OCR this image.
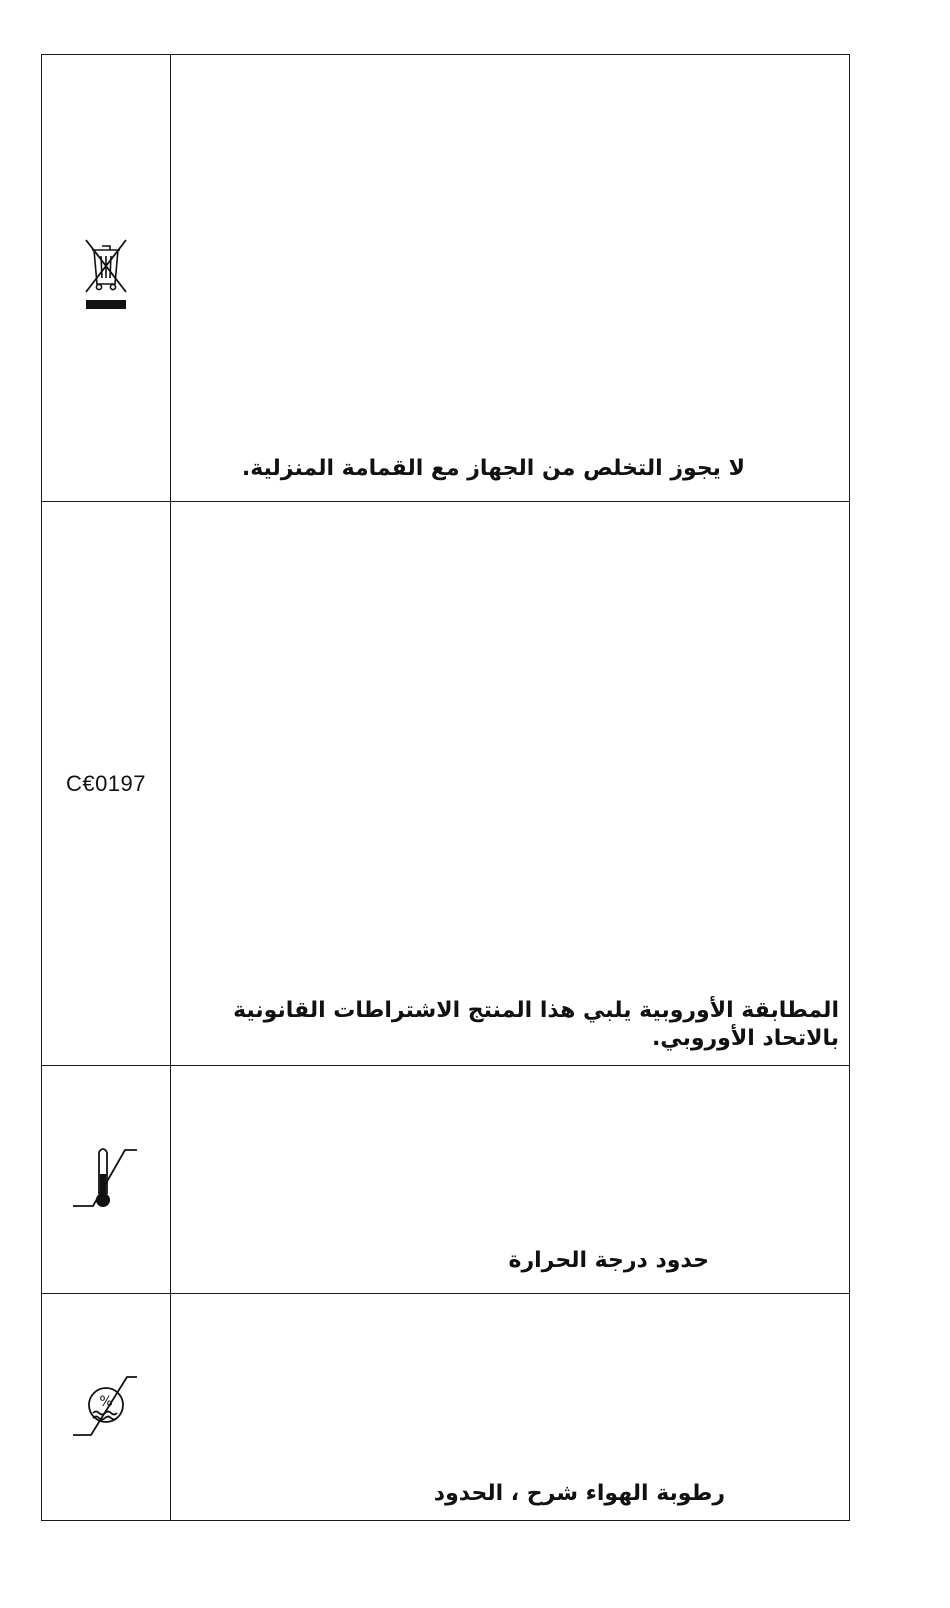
لا يجوز التخلص من الجهاز مع القمامة المنزلية.

C€0197	المطابقة الأوروبية يلبي هذا المنتج الاشتراطات القانونية بالاتحاد الأوروبي.

حدود درجة الحرارة

%	رطوبة الهواء شرح ، الحدود
